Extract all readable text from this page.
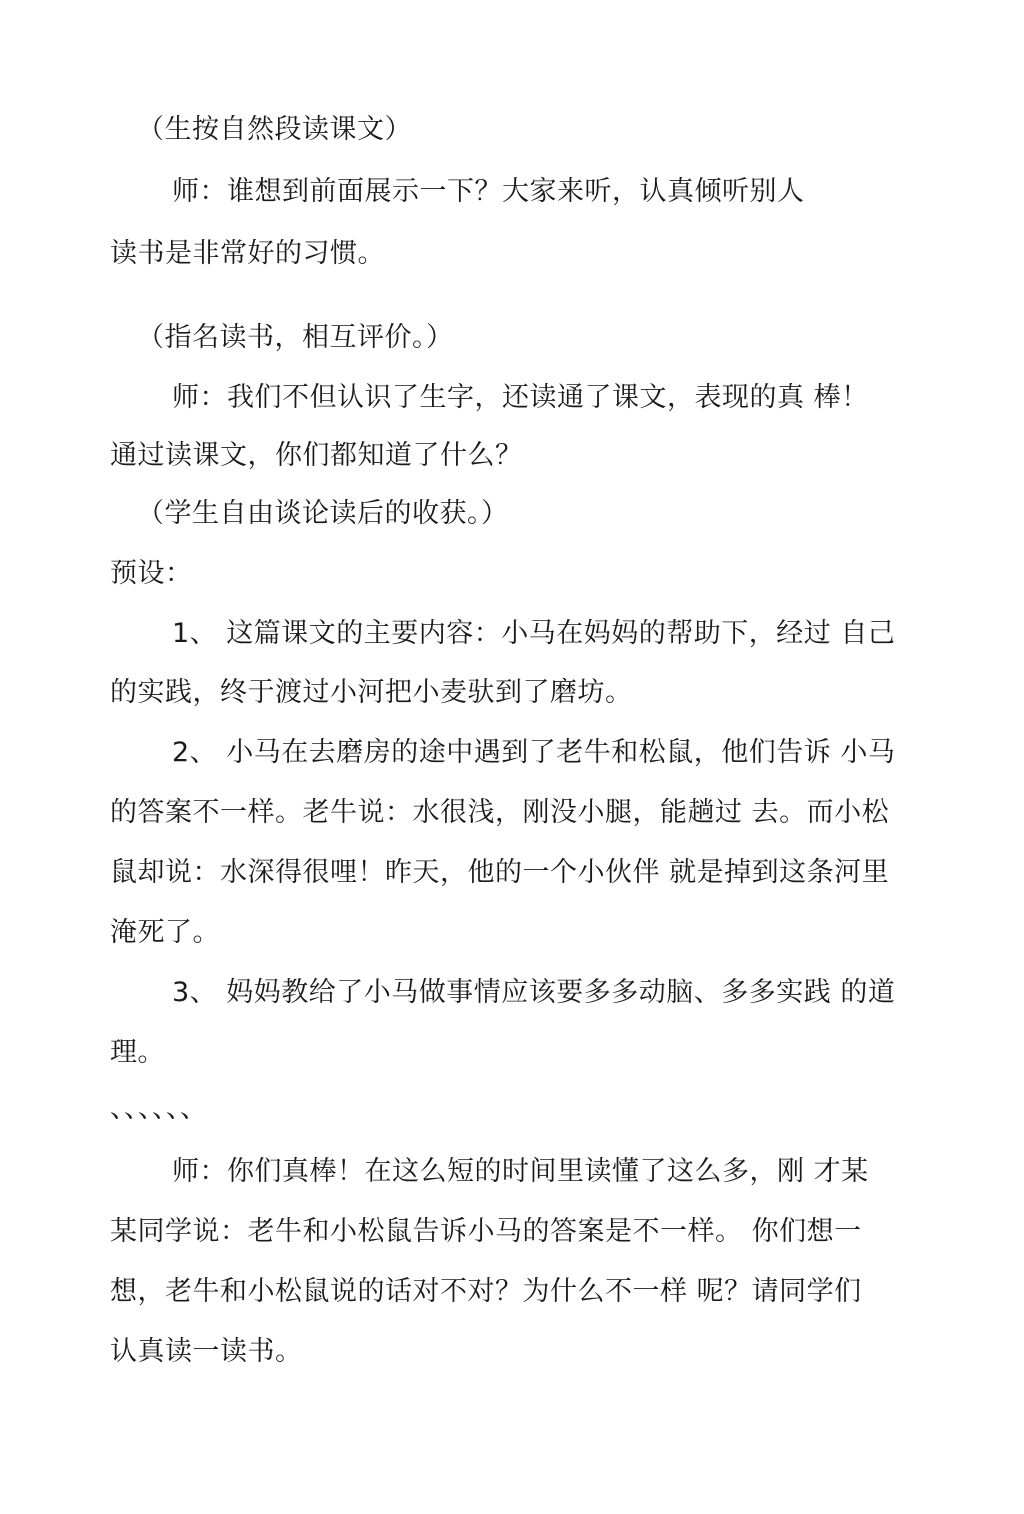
（生按自然段读课文）
师：谁想到前面展示一下？大家来听，认真倾听别人
读书是非常好的习惯。
（指名读书，相互评价。）
师：我们不但认识了生字，还读通了课文，表现的真 棒！
通过读课文，你们都知道了什么？
（学生自由谈论读后的收获。）
预设：
1、 这篇课文的主要内容：小马在妈妈的帮助下，经过 自己
的实践，终于渡过小河把小麦驮到了磨坊。
2、 小马在去磨房的途中遇到了老牛和松鼠，他们告诉 小马
的答案不一样。老牛说：水很浅，刚没小腿，能趟过 去。而小松
鼠却说：水深得很哩！昨天，他的一个小伙伴 就是掉到这条河里
淹死了。
3、 妈妈教给了小马做事情应该要多多动脑、多多实践 的道
理。
、、、、、、
师：你们真棒！在这么短的时间里读懂了这么多，刚 才某
某同学说：老牛和小松鼠告诉小马的答案是不一样。 你们想一
想，老牛和小松鼠说的话对不对？为什么不一样 呢？请同学们
认真读一读书。
